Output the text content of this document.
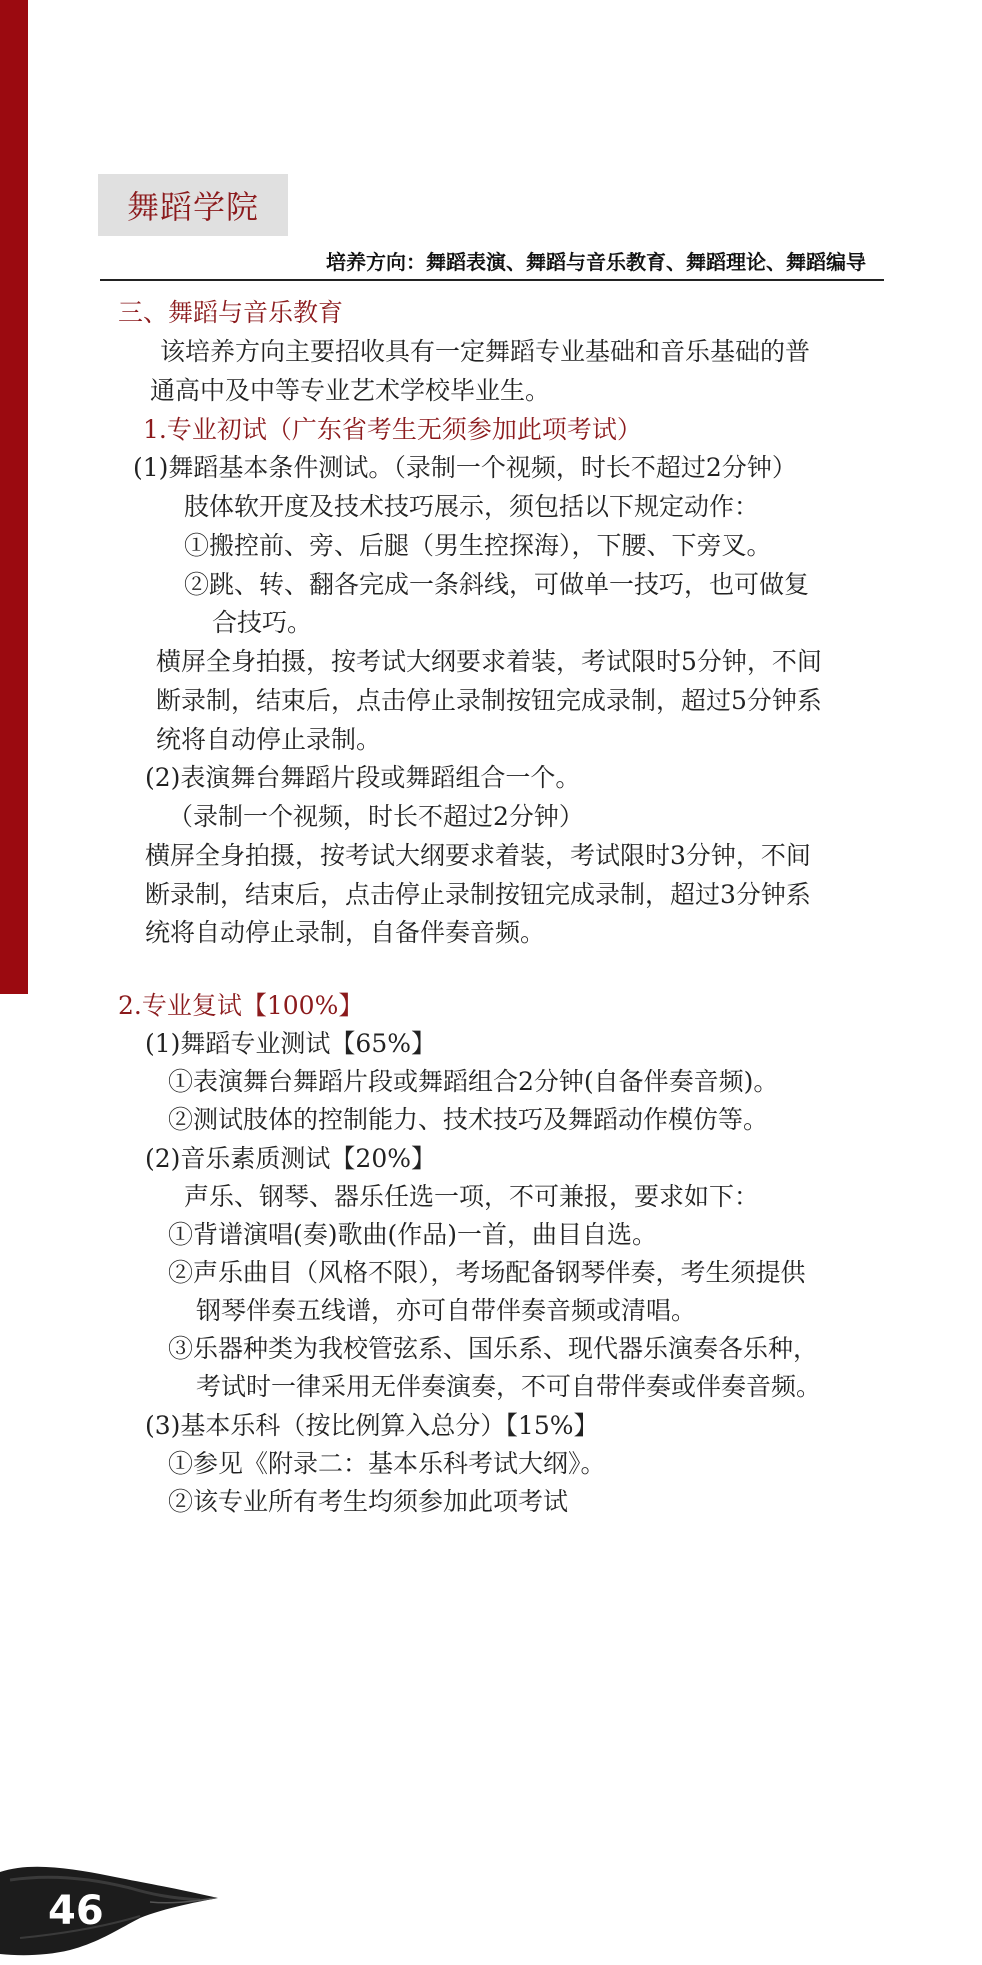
舞蹈学院
培养方向：舞蹈表演、舞蹈与音乐教育、舞蹈理论、舞蹈编导
三、舞蹈与音乐教育
该培养方向主要招收具有一定舞蹈专业基础和音乐基础的普
通高中及中等专业艺术学校毕业生。
1.专业初试（广东省考生无须参加此项考试）
(1)舞蹈基本条件测试。（录制一个视频，时长不超过2分钟）
肢体软开度及技术技巧展示，须包括以下规定动作：
①搬控前、旁、后腿（男生控探海），下腰、下旁叉。
②跳、转、翻各完成一条斜线，可做单一技巧，也可做复
合技巧。
横屏全身拍摄，按考试大纲要求着装，考试限时5分钟，不间
断录制，结束后，点击停止录制按钮完成录制，超过5分钟系
统将自动停止录制。
(2)表演舞台舞蹈片段或舞蹈组合一个。
（录制一个视频，时长不超过2分钟）
横屏全身拍摄，按考试大纲要求着装，考试限时3分钟，不间
断录制，结束后，点击停止录制按钮完成录制，超过3分钟系
统将自动停止录制，自备伴奏音频。
2.专业复试【100%】
(1)舞蹈专业测试【65%】
①表演舞台舞蹈片段或舞蹈组合2分钟(自备伴奏音频)。
②测试肢体的控制能力、技术技巧及舞蹈动作模仿等。
(2)音乐素质测试【20%】
声乐、钢琴、器乐任选一项，不可兼报，要求如下：
①背谱演唱(奏)歌曲(作品)一首，曲目自选。
②声乐曲目（风格不限），考场配备钢琴伴奏，考生须提供
钢琴伴奏五线谱，亦可自带伴奏音频或清唱。
③乐器种类为我校管弦系、国乐系、现代器乐演奏各乐种，
考试时一律采用无伴奏演奏，不可自带伴奏或伴奏音频。
(3)基本乐科（按比例算入总分）【15%】
①参见《附录二：基本乐科考试大纲》。
②该专业所有考生均须参加此项考试
46
